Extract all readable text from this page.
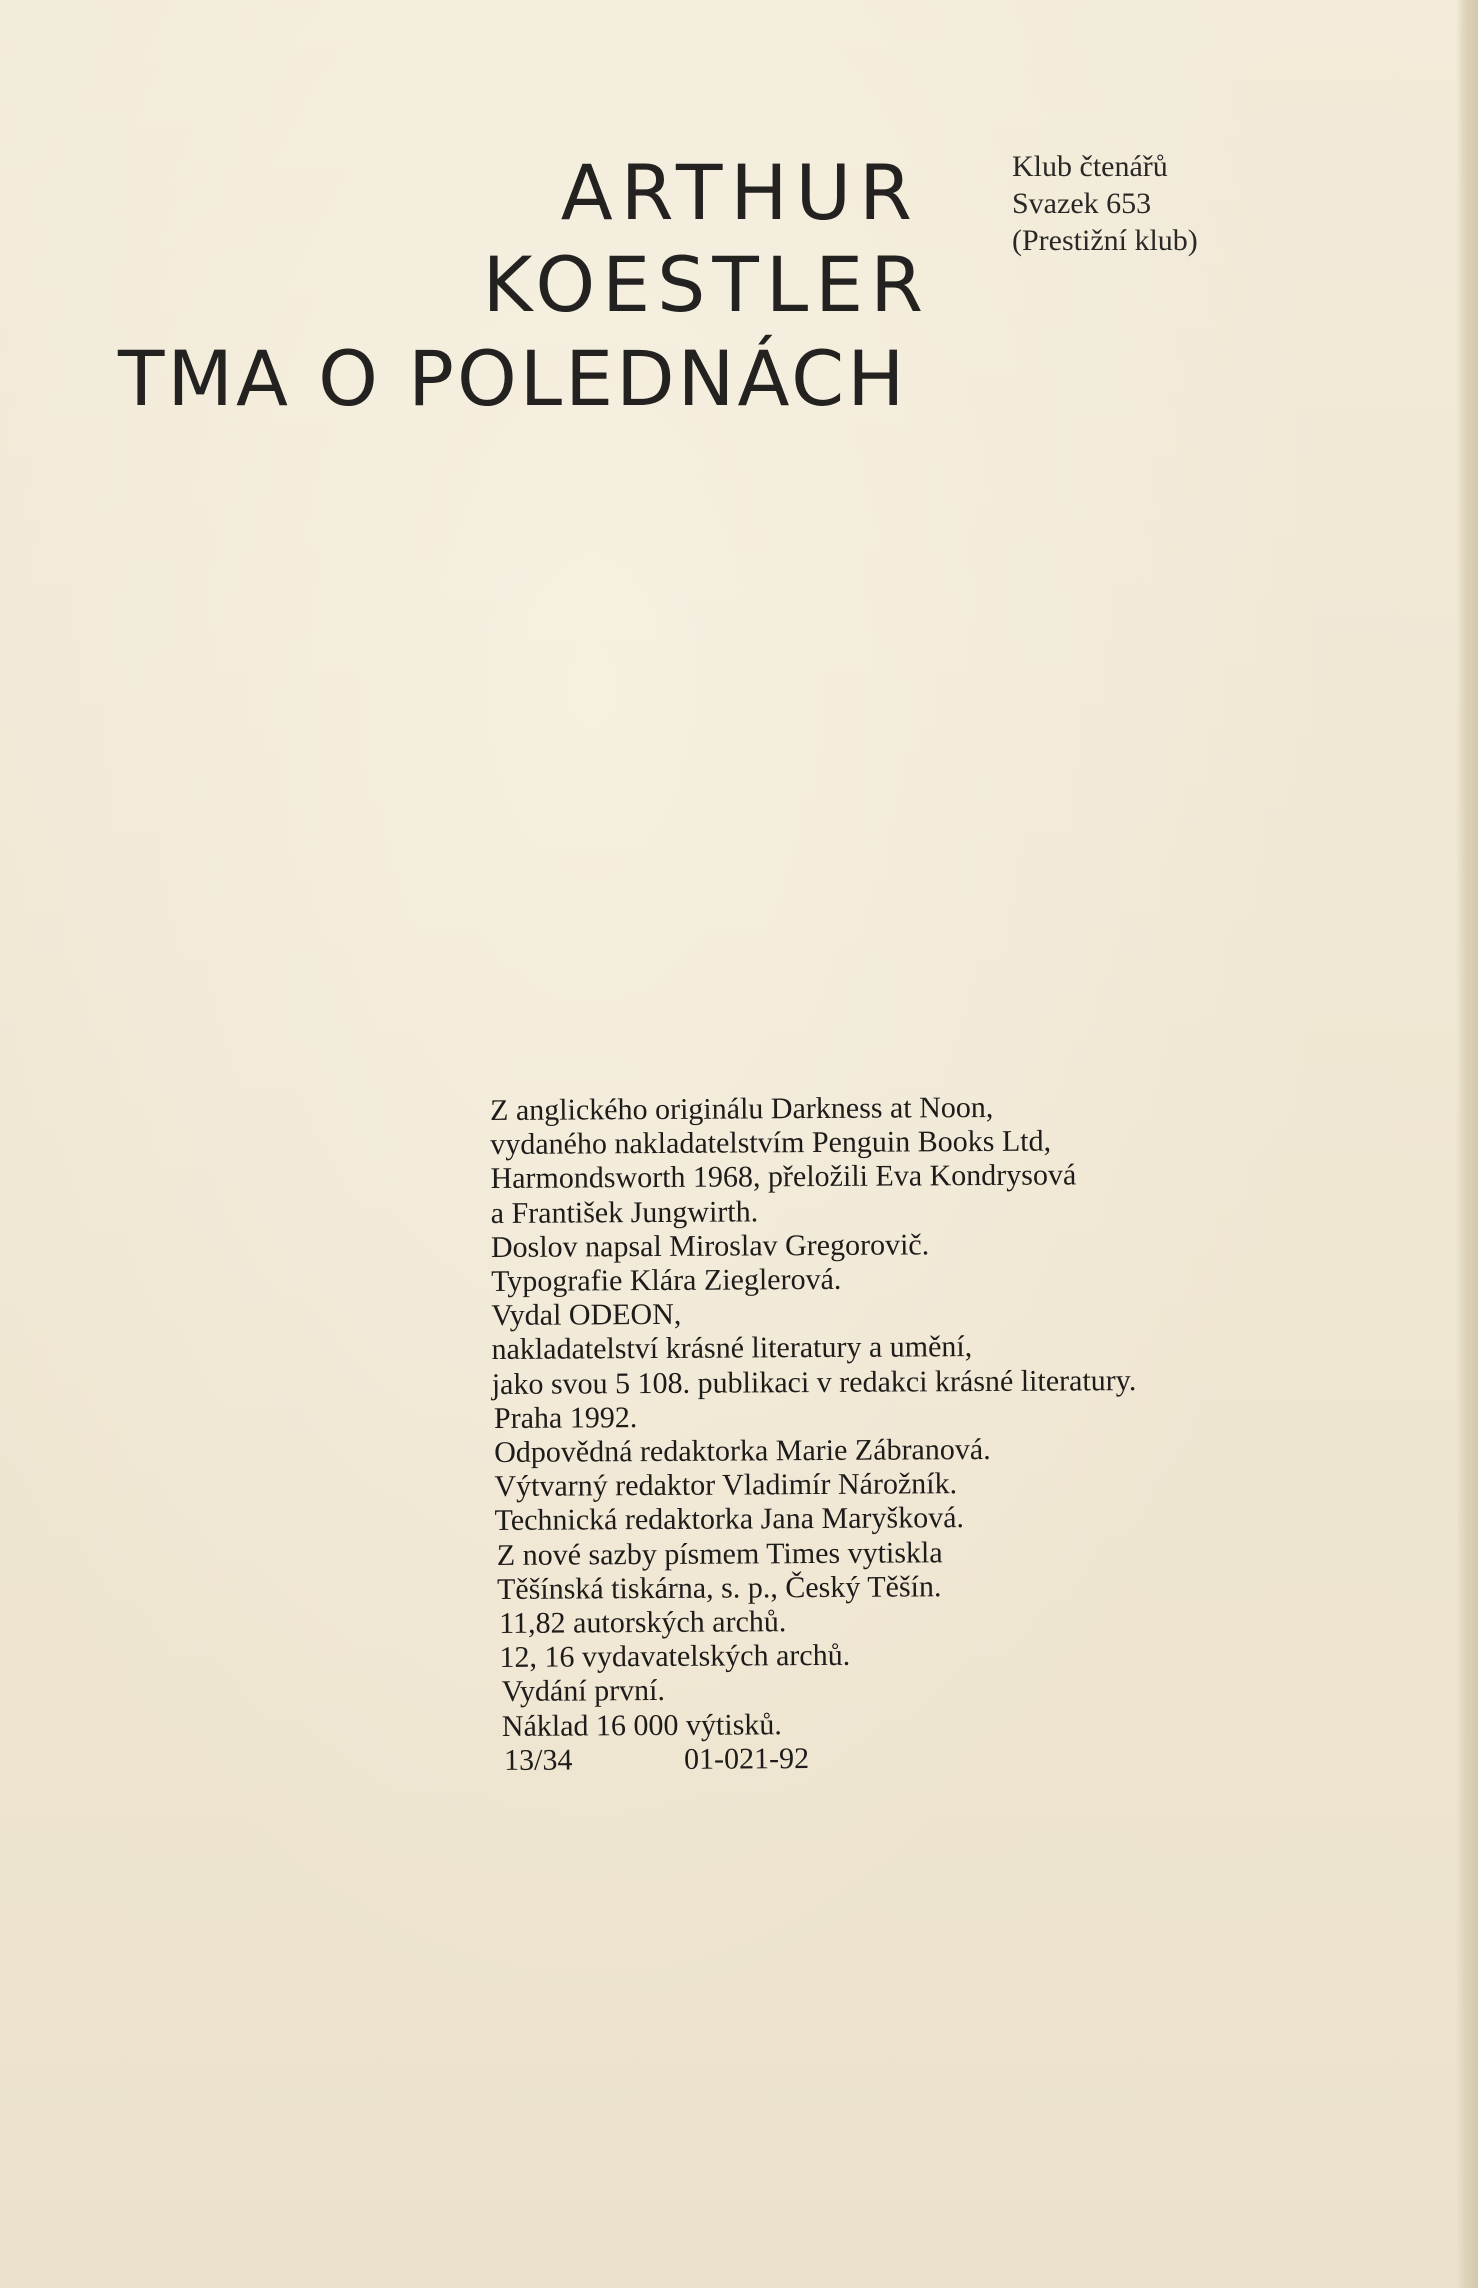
ARTHUR
KOESTLER
TMA O POLEDNÁCH
Klub čtenářů
Svazek 653
(Prestižní klub)
Z anglického originálu Darkness at Noon,
vydaného nakladatelstvím Penguin Books Ltd,
Harmondsworth 1968, přeložili Eva Kondrysová
a František Jungwirth.
Doslov napsal Miroslav Gregorovič.
Typografie Klára Zieglerová.
Vydal ODEON,
nakladatelství krásné literatury a umění,
jako svou 5 108. publikaci v redakci krásné literatury.
Praha 1992.
Odpovědná redaktorka Marie Zábranová.
Výtvarný redaktor Vladimír Nárožník.
Technická redaktorka Jana Maryšková.
Z nové sazby písmem Times vytiskla
Těšínská tiskárna, s. p., Český Těšín.
11,82 autorských archů.
12, 16 vydavatelských archů.
Vydání první.
Náklad 16 000 výtisků.
13/34	01-021-92
